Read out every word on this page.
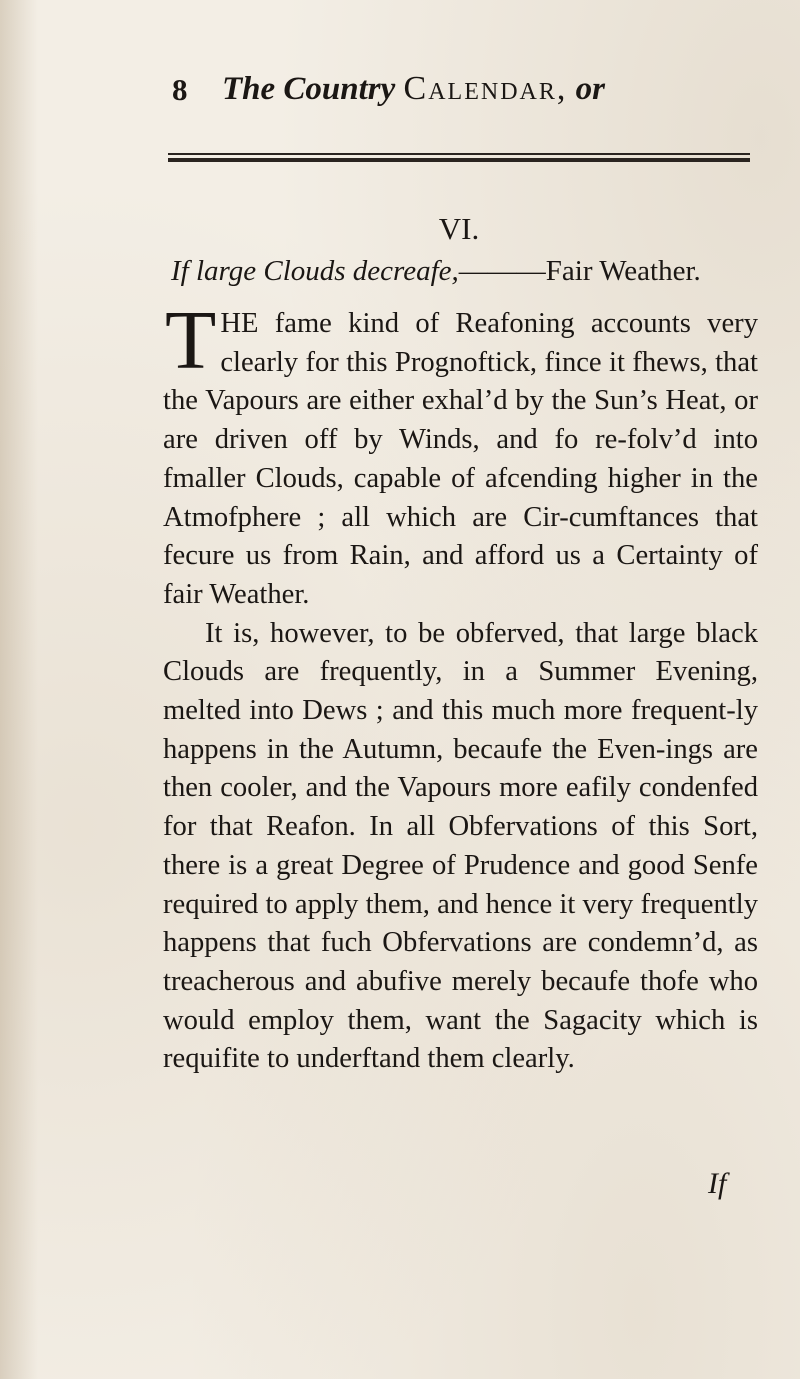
8 The Country Calendar, or
VI.
If large Clouds decreafe,———Fair Weather.

THE fame kind of Reafoning accounts very clearly for this Prognoftick, fince it fhews, that the Vapours are either exhal’d by the Sun’s Heat, or are driven off by Winds, and fo re-folv’d into fmaller Clouds, capable of afcending higher in the Atmofphere ; all which are Cir-cumftances that fecure us from Rain, and afford us a Certainty of fair Weather.

It is, however, to be obferved, that large black Clouds are frequently, in a Summer Evening, melted into Dews ; and this much more frequent-ly happens in the Autumn, becaufe the Even-ings are then cooler, and the Vapours more eafily condenfed for that Reafon. In all Obfervations of this Sort, there is a great Degree of Prudence and good Senfe required to apply them, and hence it very frequently happens that fuch Obfervations are condemn’d, as treacherous and abufive merely becaufe thofe who would employ them, want the Sagacity which is requifite to underftand them clearly.

If
